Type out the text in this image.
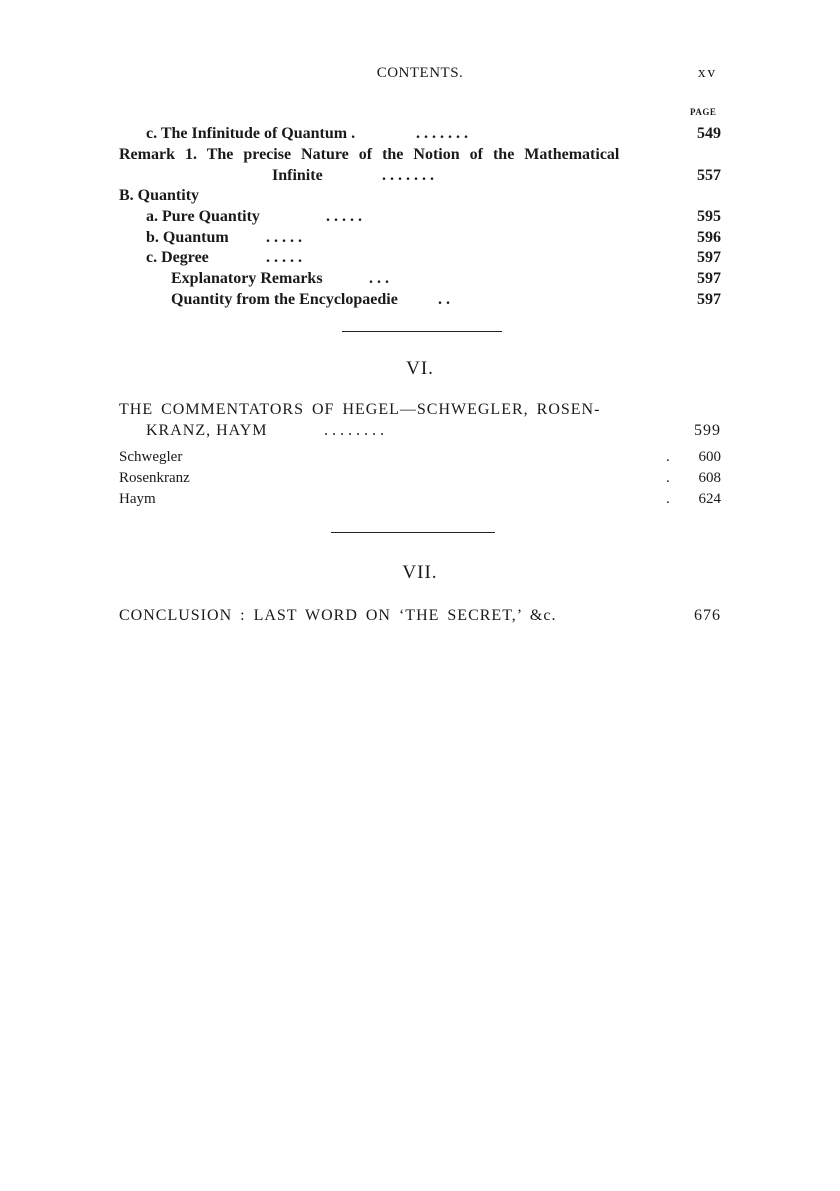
CONTENTS.	xv
PAGE
c. The Infinitude of Quantum .	. . . . . . .	549
Remark 1. The precise Nature of the Notion of the Mathematical
Infinite	. . . . . . .	557
B. Quantity
a. Pure Quantity	. . . . .	595
b. Quantum . . . . .	596
c. Degree	. . . . .	597
Explanatory Remarks	. . .	597
Quantity from the Encyclopaedie	. .	597
VI.
THE COMMENTATORS OF HEGEL—SCHWEGLER, ROSEN-
KRANZ, HAYM	. . . . . . . .	599
Schwegler	600
.
Rosenkranz	608
.
Haym	624
.
VII.
CONCLUSION : LAST WORD ON ‘THE SECRET,’ &c.	676
